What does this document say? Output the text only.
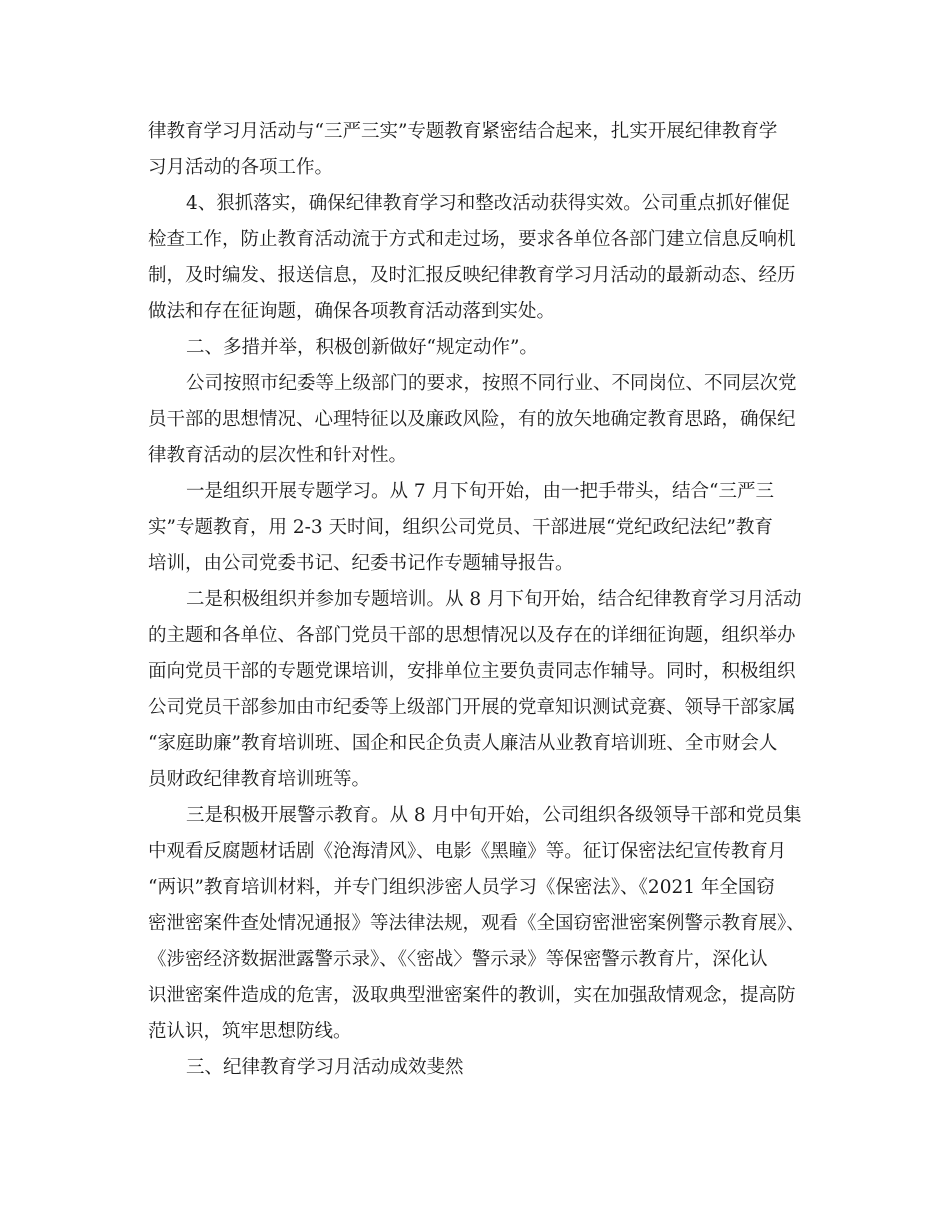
律教育学习月活动与“三严三实”专题教育紧密结合起来，扎实开展纪律教育学

习月活动的各项工作。

4、狠抓落实，确保纪律教育学习和整改活动获得实效。公司重点抓好催促

检查工作，防止教育活动流于方式和走过场，要求各单位各部门建立信息反响机

制，及时编发、报送信息，及时汇报反映纪律教育学习月活动的最新动态、经历

做法和存在征询题，确保各项教育活动落到实处。

二、多措并举，积极创新做好“规定动作”。

公司按照市纪委等上级部门的要求，按照不同行业、不同岗位、不同层次党

员干部的思想情况、心理特征以及廉政风险，有的放矢地确定教育思路，确保纪

律教育活动的层次性和针对性。

一是组织开展专题学习。从 7 月下旬开始，由一把手带头，结合“三严三

实”专题教育，用 2-3 天时间，组织公司党员、干部进展“党纪政纪法纪”教育

培训，由公司党委书记、纪委书记作专题辅导报告。

二是积极组织并参加专题培训。从 8 月下旬开始，结合纪律教育学习月活动

的主题和各单位、各部门党员干部的思想情况以及存在的详细征询题，组织举办

面向党员干部的专题党课培训，安排单位主要负责同志作辅导。同时，积极组织

公司党员干部参加由市纪委等上级部门开展的党章知识测试竞赛、领导干部家属

“家庭助廉”教育培训班、国企和民企负责人廉洁从业教育培训班、全市财会人

员财政纪律教育培训班等。

三是积极开展警示教育。从 8 月中旬开始，公司组织各级领导干部和党员集

中观看反腐题材话剧《沧海清风》、电影《黑瞳》等。征订保密法纪宣传教育月

“两识”教育培训材料，并专门组织涉密人员学习《保密法》、《2021 年全国窃

密泄密案件查处情况通报》等法律法规，观看《全国窃密泄密案例警示教育展》、

《涉密经济数据泄露警示录》、《〈密战〉警示录》等保密警示教育片，深化认

识泄密案件造成的危害，汲取典型泄密案件的教训，实在加强敌情观念，提高防

范认识，筑牢思想防线。

三、纪律教育学习月活动成效斐然
